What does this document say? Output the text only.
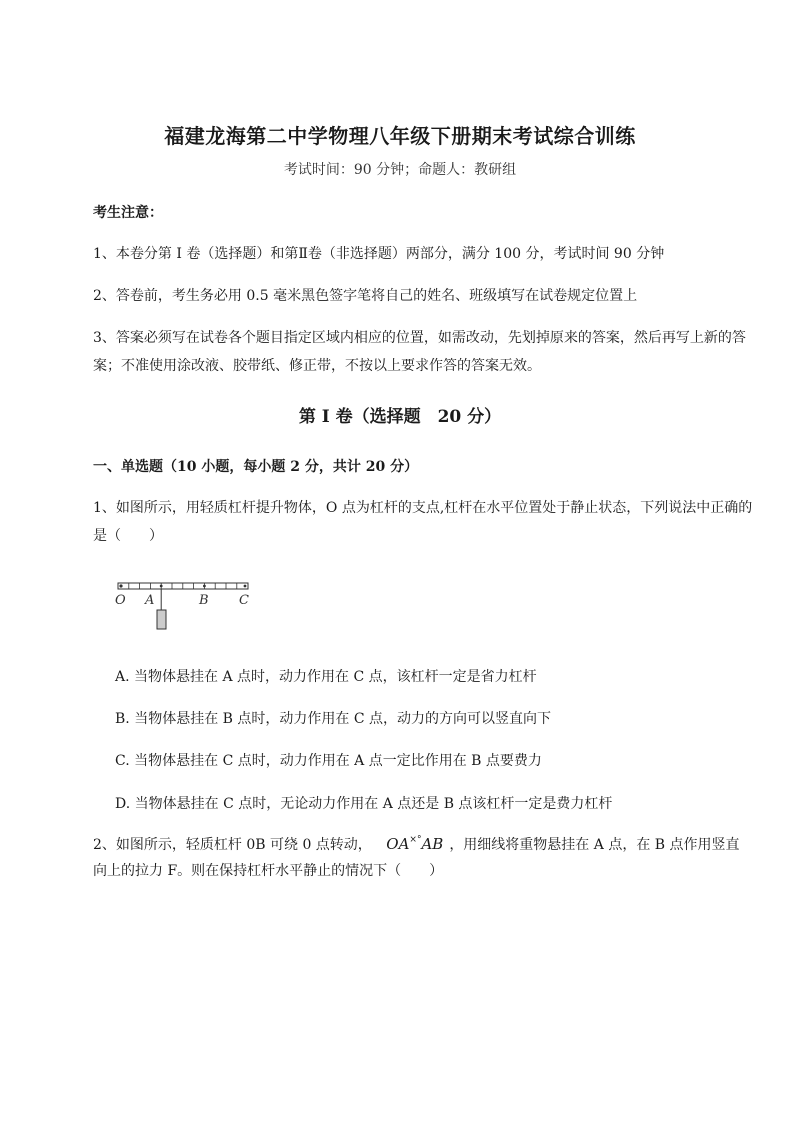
福建龙海第二中学物理八年级下册期末考试综合训练
考试时间：90 分钟；命题人：教研组
考生注意：
1、本卷分第 I 卷（选择题）和第Ⅱ卷（非选择题）两部分，满分 100 分，考试时间 90 分钟
2、答卷前，考生务必用 0.5 毫米黑色签字笔将自己的姓名、班级填写在试卷规定位置上
3、答案必须写在试卷各个题目指定区域内相应的位置，如需改动，先划掉原来的答案，然后再写上新的答案；不准使用涂改液、胶带纸、修正带，不按以上要求作答的答案无效。
第 I 卷（选择题　20 分）
一、单选题（10 小题，每小题 2 分，共计 20 分）
1、如图所示，用轻质杠杆提升物体，O 点为杠杆的支点,杠杆在水平位置处于静止状态，下列说法中正确的是（　　）
O A	B C
A. 当物体悬挂在 A 点时，动力作用在 C 点，该杠杆一定是省力杠杆
B. 当物体悬挂在 B 点时，动力作用在 C 点，动力的方向可以竖直向下
C. 当物体悬挂在 C 点时，动力作用在 A 点一定比作用在 B 点要费力
D. 当物体悬挂在 C 点时，无论动力作用在 A 点还是 B 点该杠杆一定是费力杠杆
2、如图所示，轻质杠杆 0B 可绕 0 点转动， OA×°AB ，用细线将重物悬挂在 A 点，在 B 点作用竖直
向上的拉力 F。则在保持杠杆水平静止的情况下（　　）
